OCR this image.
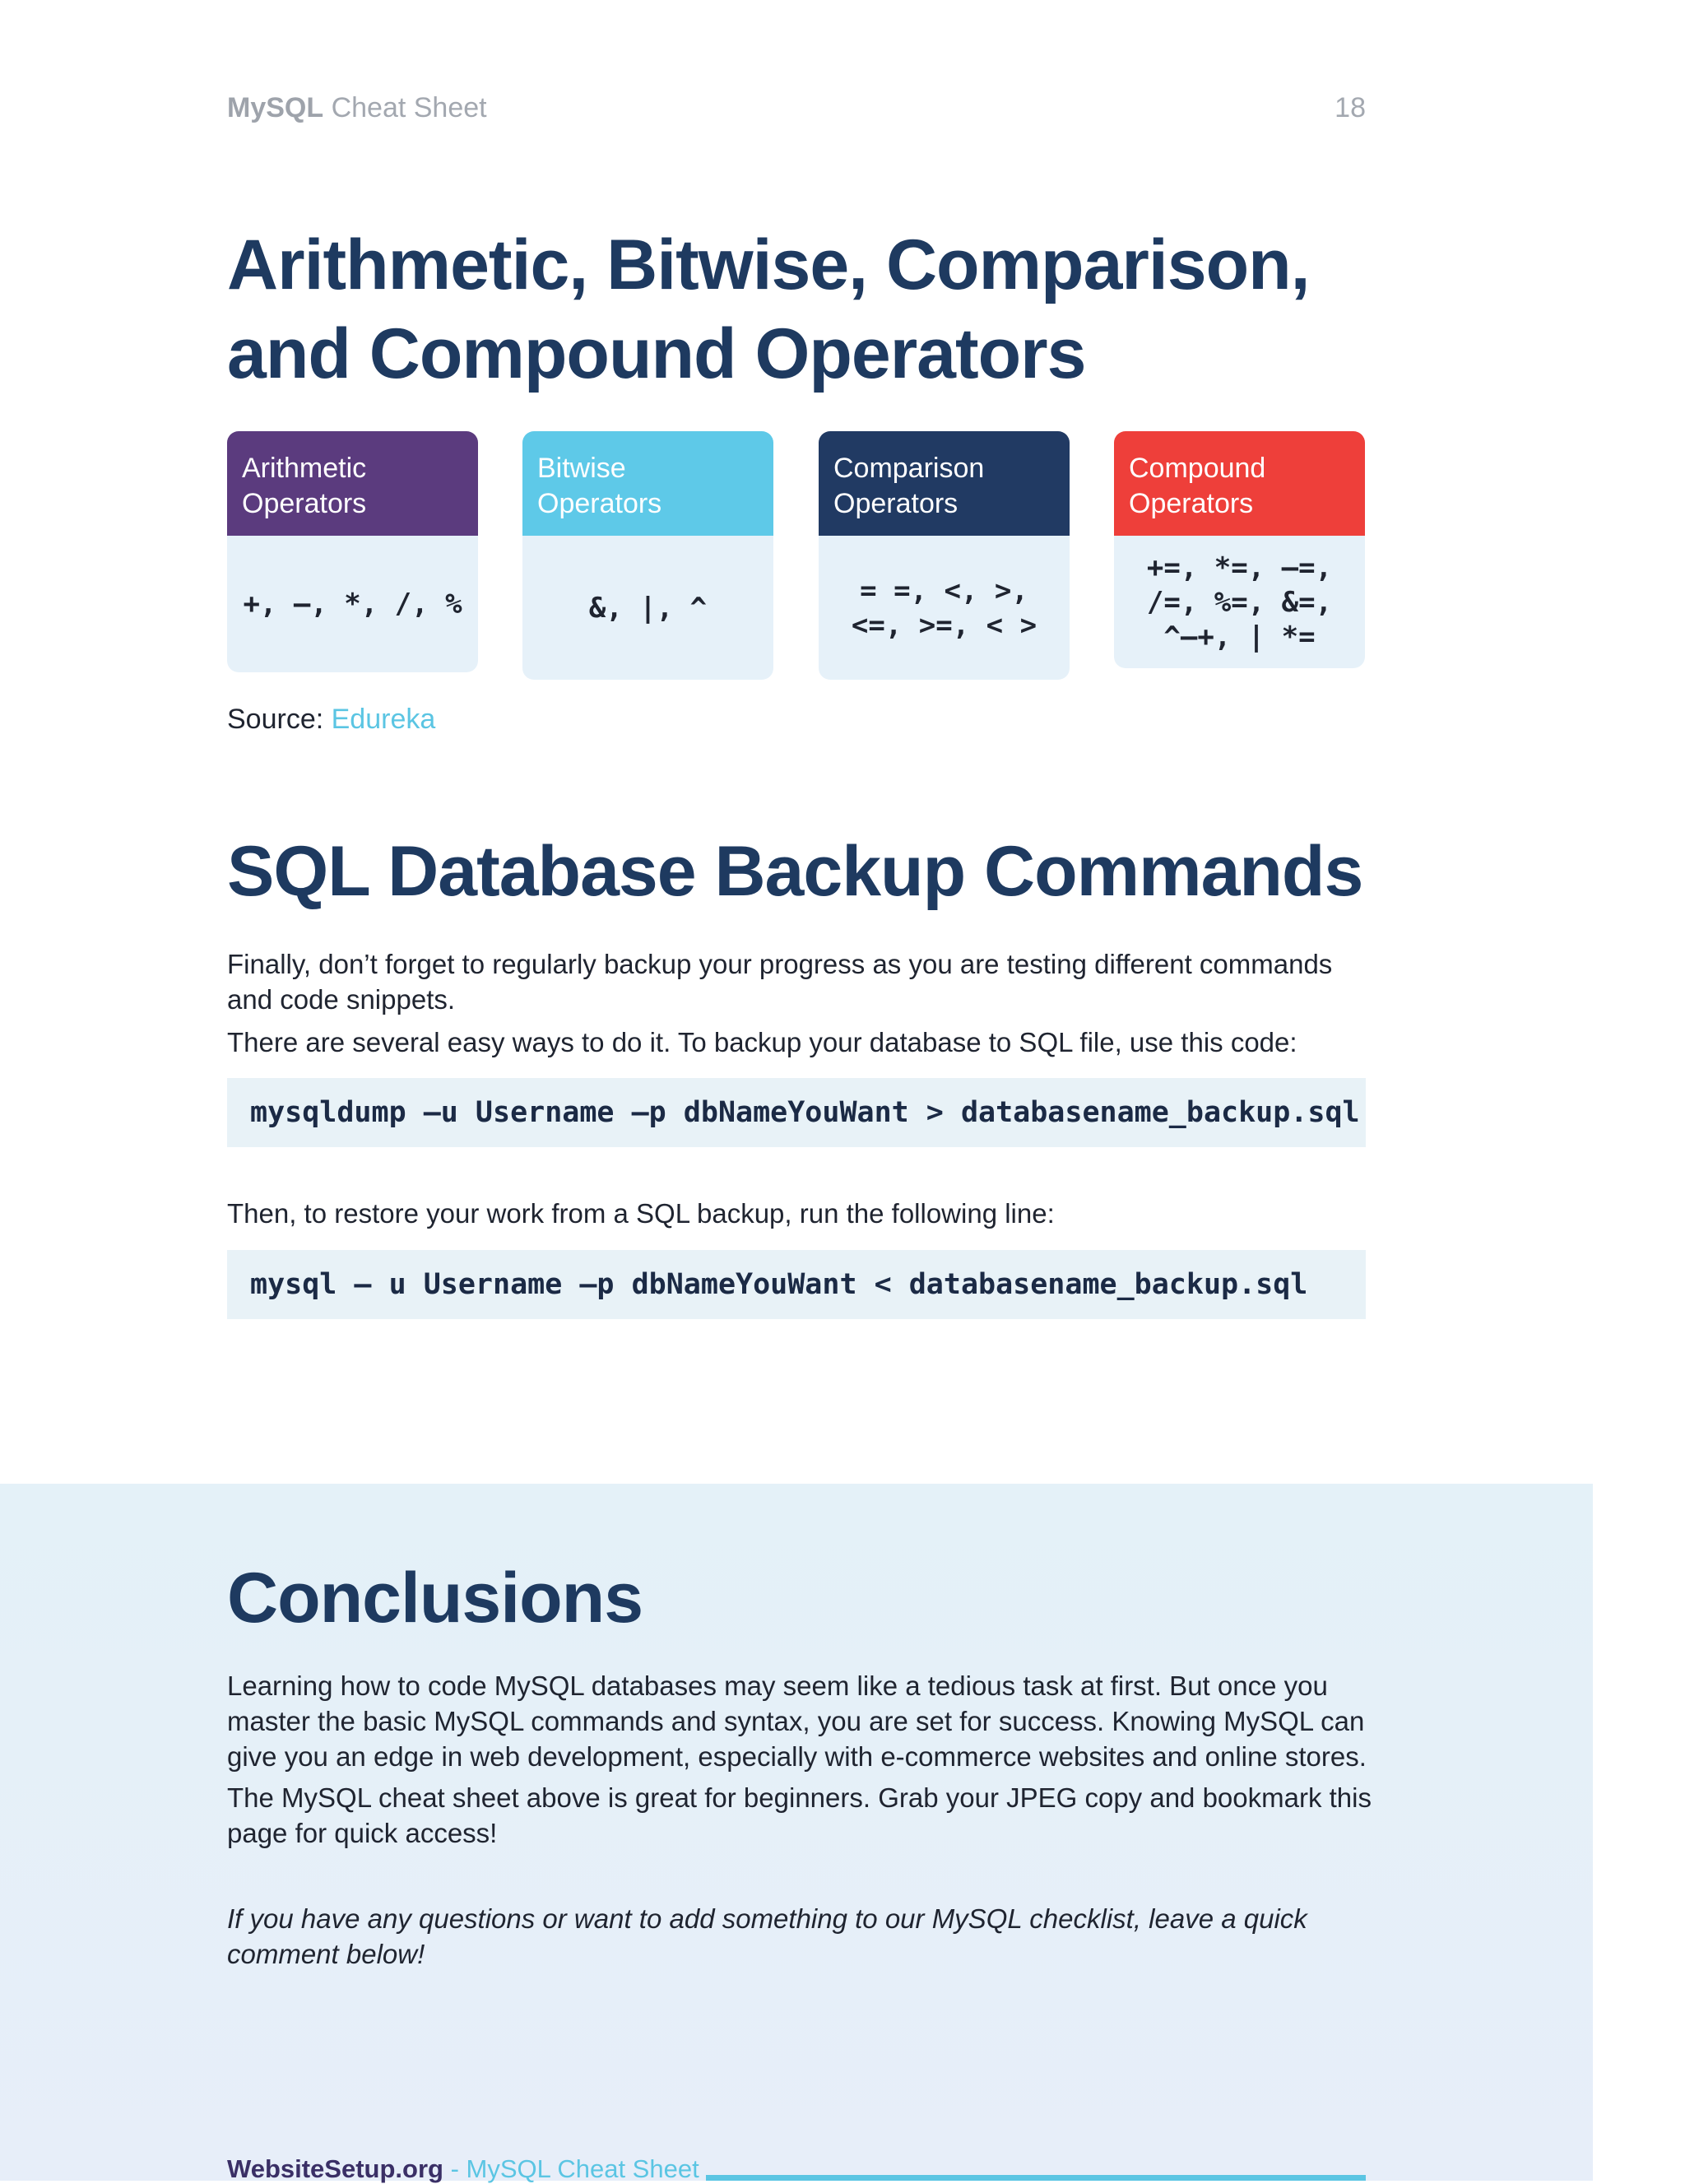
MySQL Cheat Sheet	18
Arithmetic, Bitwise, Comparison, and Compound Operators
Arithmetic
Operators
+, –, *, /, %
Bitwise
Operators
&, |, ^
Comparison
Operators
= =, <, >,
<=, >=, < >
Compound
Operators
+=, *=, –=,
/=, %=, &=,
^–+, | *=
Source: Edureka
SQL Database Backup Commands

Finally, don’t forget to regularly backup your progress as you are testing different commands and code snippets.

There are several easy ways to do it. To backup your database to SQL file, use this code:

mysqldump –u Username –p dbNameYouWant > databasename_backup.sql

Then, to restore your work from a SQL backup, run the following line:

mysql – u Username –p dbNameYouWant < databasename_backup.sql
Conclusions

Learning how to code MySQL databases may seem like a tedious task at first. But once you master the basic MySQL commands and syntax, you are set for success. Knowing MySQL can give you an edge in web development, especially with e-commerce websites and online stores.

The MySQL cheat sheet above is great for beginners. Grab your JPEG copy and bookmark this page for quick access!

If you have any questions or want to add something to our MySQL checklist, leave a quick comment below!

WebsiteSetup.org - MySQL Cheat Sheet
